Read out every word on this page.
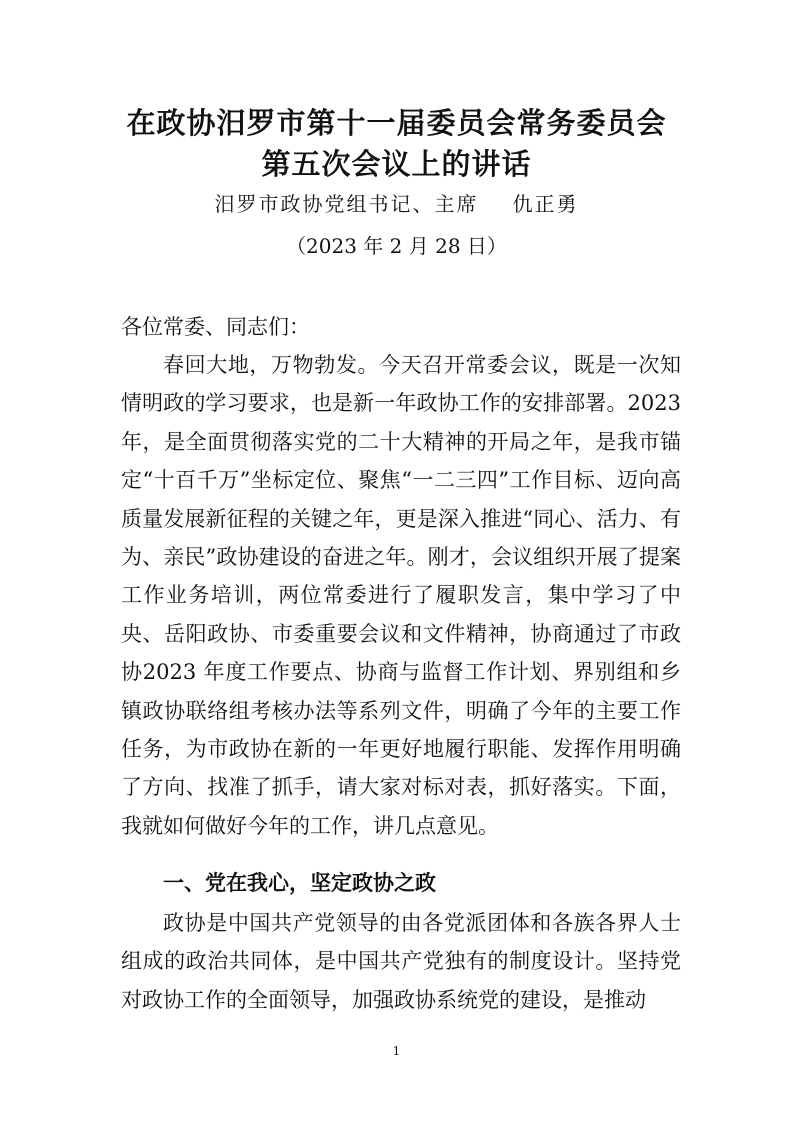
在政协汨罗市第十一届委员会常务委员会
第五次会议上的讲话
汨罗市政协党组书记、主席 仇正勇
（2023 年 2 月 28 日）
各位常委、同志们：
春回大地，万物勃发。今天召开常委会议，既是一次知情明政的学习要求，也是新一年政协工作的安排部署。2023年，是全面贯彻落实党的二十大精神的开局之年，是我市锚定“十百千万”坐标定位、聚焦“一二三四”工作目标、迈向高质量发展新征程的关键之年，更是深入推进“同心、活力、有为、亲民”政协建设的奋进之年。刚才，会议组织开展了提案工作业务培训，两位常委进行了履职发言，集中学习了中央、岳阳政协、市委重要会议和文件精神，协商通过了市政协2023 年度工作要点、协商与监督工作计划、界别组和乡镇政协联络组考核办法等系列文件，明确了今年的主要工作任务，为市政协在新的一年更好地履行职能、发挥作用明确了方向、找准了抓手，请大家对标对表，抓好落实。下面，我就如何做好今年的工作，讲几点意见。
一、党在我心，坚定政协之政
政协是中国共产党领导的由各党派团体和各族各界人士组成的政治共同体，是中国共产党独有的制度设计。坚持党对政协工作的全面领导，加强政协系统党的建设，是推动
1
